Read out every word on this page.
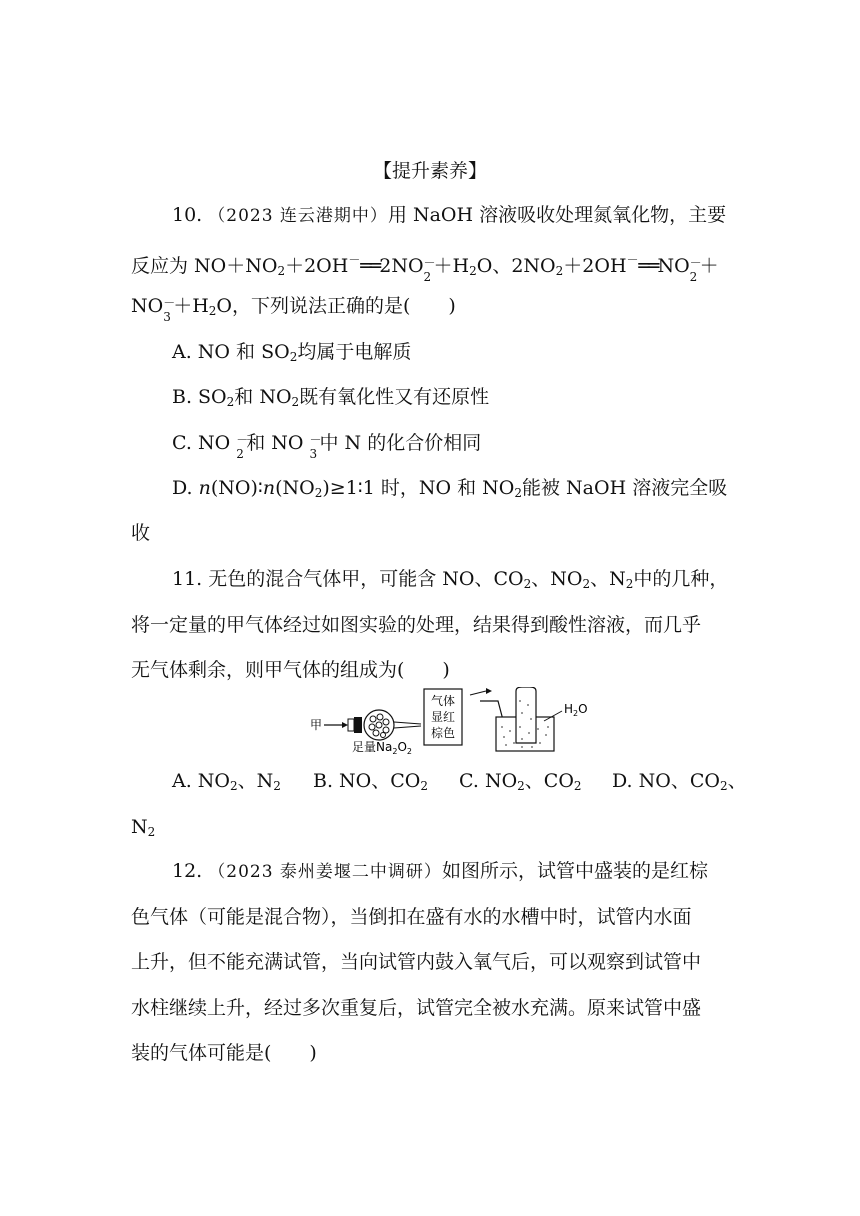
【提升素养】
10. （2023 连云港期中）用 NaOH 溶液吸收处理氮氧化物，主要
反应为 $NO+NO_2+2OH^-══2NO$ －
$2 +H_2O$、$2NO_2+2OH^-══NO$ －
2 ＋
NO －
$3 +H_2O$，下列说法正确的是(　　)
A. NO 和 $SO_2$均属于电解质
B. $SO_2$和 $NO_2$既有氧化性又有还原性
C. NO －
2 和 NO －
3 中 N 的化合价相同
D. $n(NO)∶n(NO_2)\ge 1∶1$ 时，NO 和 $NO_2$能被 NaOH 溶液完全吸
收
11. 无色的混合气体甲，可能含 NO、$CO_2$、$NO_2$、$N_2$中的几种，
将一定量的甲气体经过如图实验的处理，结果得到酸性溶液，而几乎
无气体剩余，则甲气体的组成为(　　)
甲
足量$Na_2O_2$
气体
显红
棕色
$H_2O$
A. $NO_2$、$N_2$ B. NO、$CO_2$ C. $NO_2$、$CO_2$ D. NO、$CO_2$、
$N_2$
12. （2023 泰州姜堰二中调研）如图所示，试管中盛装的是红棕
色气体（可能是混合物），当倒扣在盛有水的水槽中时，试管内水面
上升，但不能充满试管，当向试管内鼓入氧气后，可以观察到试管中
水柱继续上升，经过多次重复后，试管完全被水充满。原来试管中盛
装的气体可能是(　　)
